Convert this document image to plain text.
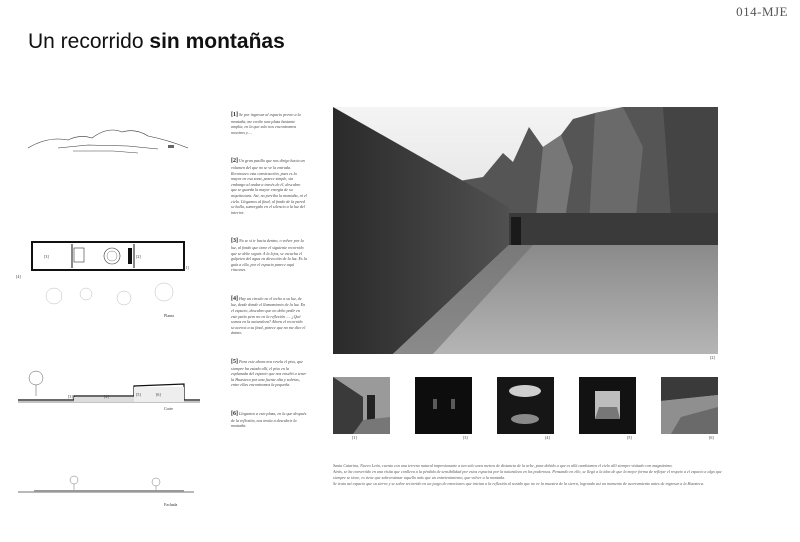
014-MJE
Un recorrido sin montañas
[3]	[2]
[1]
[4]
Planta
[3]	[4]	[5]	[6]
Corte
Fachada

[1] Se por ingresar al espacio previo a la montaña, me recibe una plaza bastante amplia, en la que solo nos encontramos nosotros y….

[2] Un gran pasillo que nos dirige hacia un volumen del que no se ve la entrada. Reconozco esta construcción, pues es la mayor en esa zona, parece simple, sin embargo al andar a través de él, descubro que se guarda la mayor energía de su arquitectura. Así, no percibo la montaña, ni el cielo. Llegamos al final, al fondo de la pared se halla, sumergido en el silencio a la luz del interior.

[3] No se si ir hacia dentro, o volver por la luz, al fondo que tiene el siguiente recorrido que se debe seguir. A la lejos, se escucha el golpeteo del agua en dirección de la luz. Es la guía a ella, por el espacio parece aquí rincones.

[4] Hay un círculo en el techo a su luz, de luz, desde donde el llamamiento de la luz. En el espacio, descubro que no debo pedir en este patio pero no en la reflexión …. ¿Qué somos en la naturaleza? Ahora el recorrido se acerca a su final, parece que no me dice el ánimo.

[5] Para este ahora nos revela el piso, que siempre ha estado allí, el piso en la explanada del espacio que nos enseñó a tener la Huasteca por una fuente alta y sobrias, entre ellas encontramos la pequeña.

[6] Llegamos a este plaza, en la que después de la reflexión, nos invita a descubrir la montaña.

[2]
[1]	[3]	[4]	[5]	[6]

Santa Catarina, Nuevo León, cuenta con una terreno natural impresionante a tan solo unos metros de distancia de la urbe, para debido a que es allá cambiamos el cielo allí siempre visitado con magnánimo.

Atrás, se ha convertido en una visita que conlleva a la pérdida de sensibilidad por estos espacios por la naturaleza en los poderosos. Pensando en ello, se llegó a la idea de que la mejor forma de reflejar el respeto a el espacio a algo que siempre se tiene, es tiene que sobreestimar aquello más que un entretenimiento, que volver a la montaña.

Se trata así espacio que su sierra y se sobre recorrido en un juego de emociones que inician a la reflexión al sonido que no ve la muestra de la sierra, logrando así un momento de acercamiento antes de ingresar a la Huasteca.
